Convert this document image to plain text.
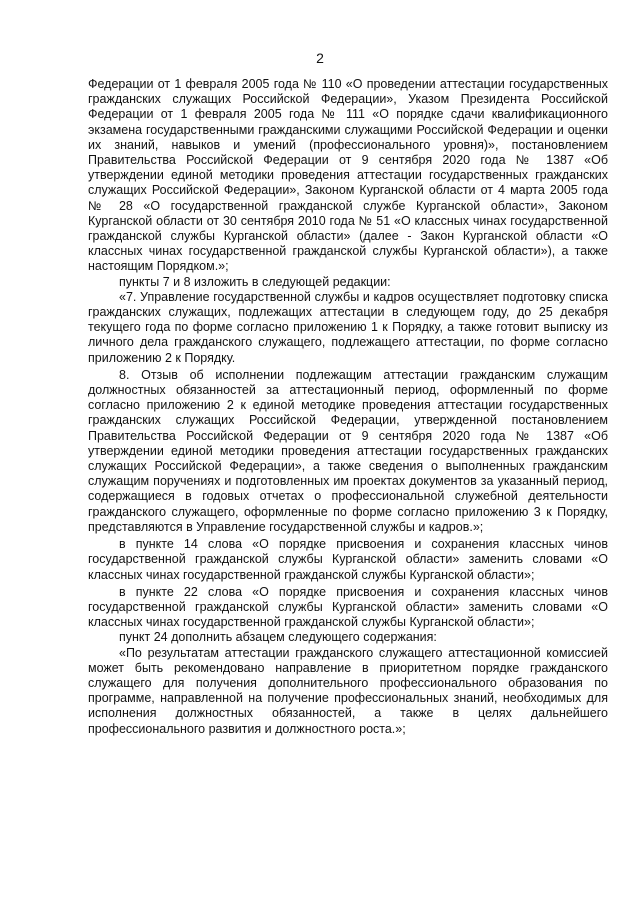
2

Федерации от 1 февраля 2005 года № 110 «О проведении аттестации государственных гражданских служащих Российской Федерации», Указом Президента Российской Федерации от 1 февраля 2005 года № 111 «О порядке сдачи квалификационного экзамена государственными гражданскими служащими Российской Федерации и оценки их знаний, навыков и умений (профессионального уровня)», постановлением Правительства Российской Федерации от 9 сентября 2020 года № 1387 «Об утверждении единой методики проведения аттестации государственных гражданских служащих Российской Федерации», Законом Курганской области от 4 марта 2005 года № 28 «О государственной гражданской службе Курганской области», Законом Курганской области от 30 сентября 2010 года № 51 «О классных чинах государственной гражданской службы Курганской области» (далее - Закон Курганской области «О классных чинах государственной гражданской службы Курганской области»), а также настоящим Порядком.»;

пункты 7 и 8 изложить в следующей редакции:

«7. Управление государственной службы и кадров осуществляет подготовку списка гражданских служащих, подлежащих аттестации в следующем году, до 25 декабря текущего года по форме согласно приложению 1 к Порядку, а также готовит выписку из личного дела гражданского служащего, подлежащего аттестации, по форме согласно приложению 2 к Порядку.

8. Отзыв об исполнении подлежащим аттестации гражданским служащим должностных обязанностей за аттестационный период, оформленный по форме согласно приложению 2 к единой методике проведения аттестации государственных гражданских служащих Российской Федерации, утвержденной постановлением Правительства Российской Федерации от 9 сентября 2020 года № 1387 «Об утверждении единой методики проведения аттестации государственных гражданских служащих Российской Федерации», а также сведения о выполненных гражданским служащим поручениях и подготовленных им проектах документов за указанный период, содержащиеся в годовых отчетах о профессиональной служебной деятельности гражданского служащего, оформленные по форме согласно приложению 3 к Порядку, представляются в Управление государственной службы и кадров.»;

в пункте 14 слова «О порядке присвоения и сохранения классных чинов государственной гражданской службы Курганской области» заменить словами «О классных чинах государственной гражданской службы Курганской области»;

в пункте 22 слова «О порядке присвоения и сохранения классных чинов государственной гражданской службы Курганской области» заменить словами «О классных чинах государственной гражданской службы Курганской области»;

пункт 24 дополнить абзацем следующего содержания:

«По результатам аттестации гражданского служащего аттестационной комиссией может быть рекомендовано направление в приоритетном порядке гражданского служащего для получения дополнительного профессионального образования по программе, направленной на получение профессиональных знаний, необходимых для исполнения должностных обязанностей, а также в целях дальнейшего профессионального развития и должностного роста.»;
